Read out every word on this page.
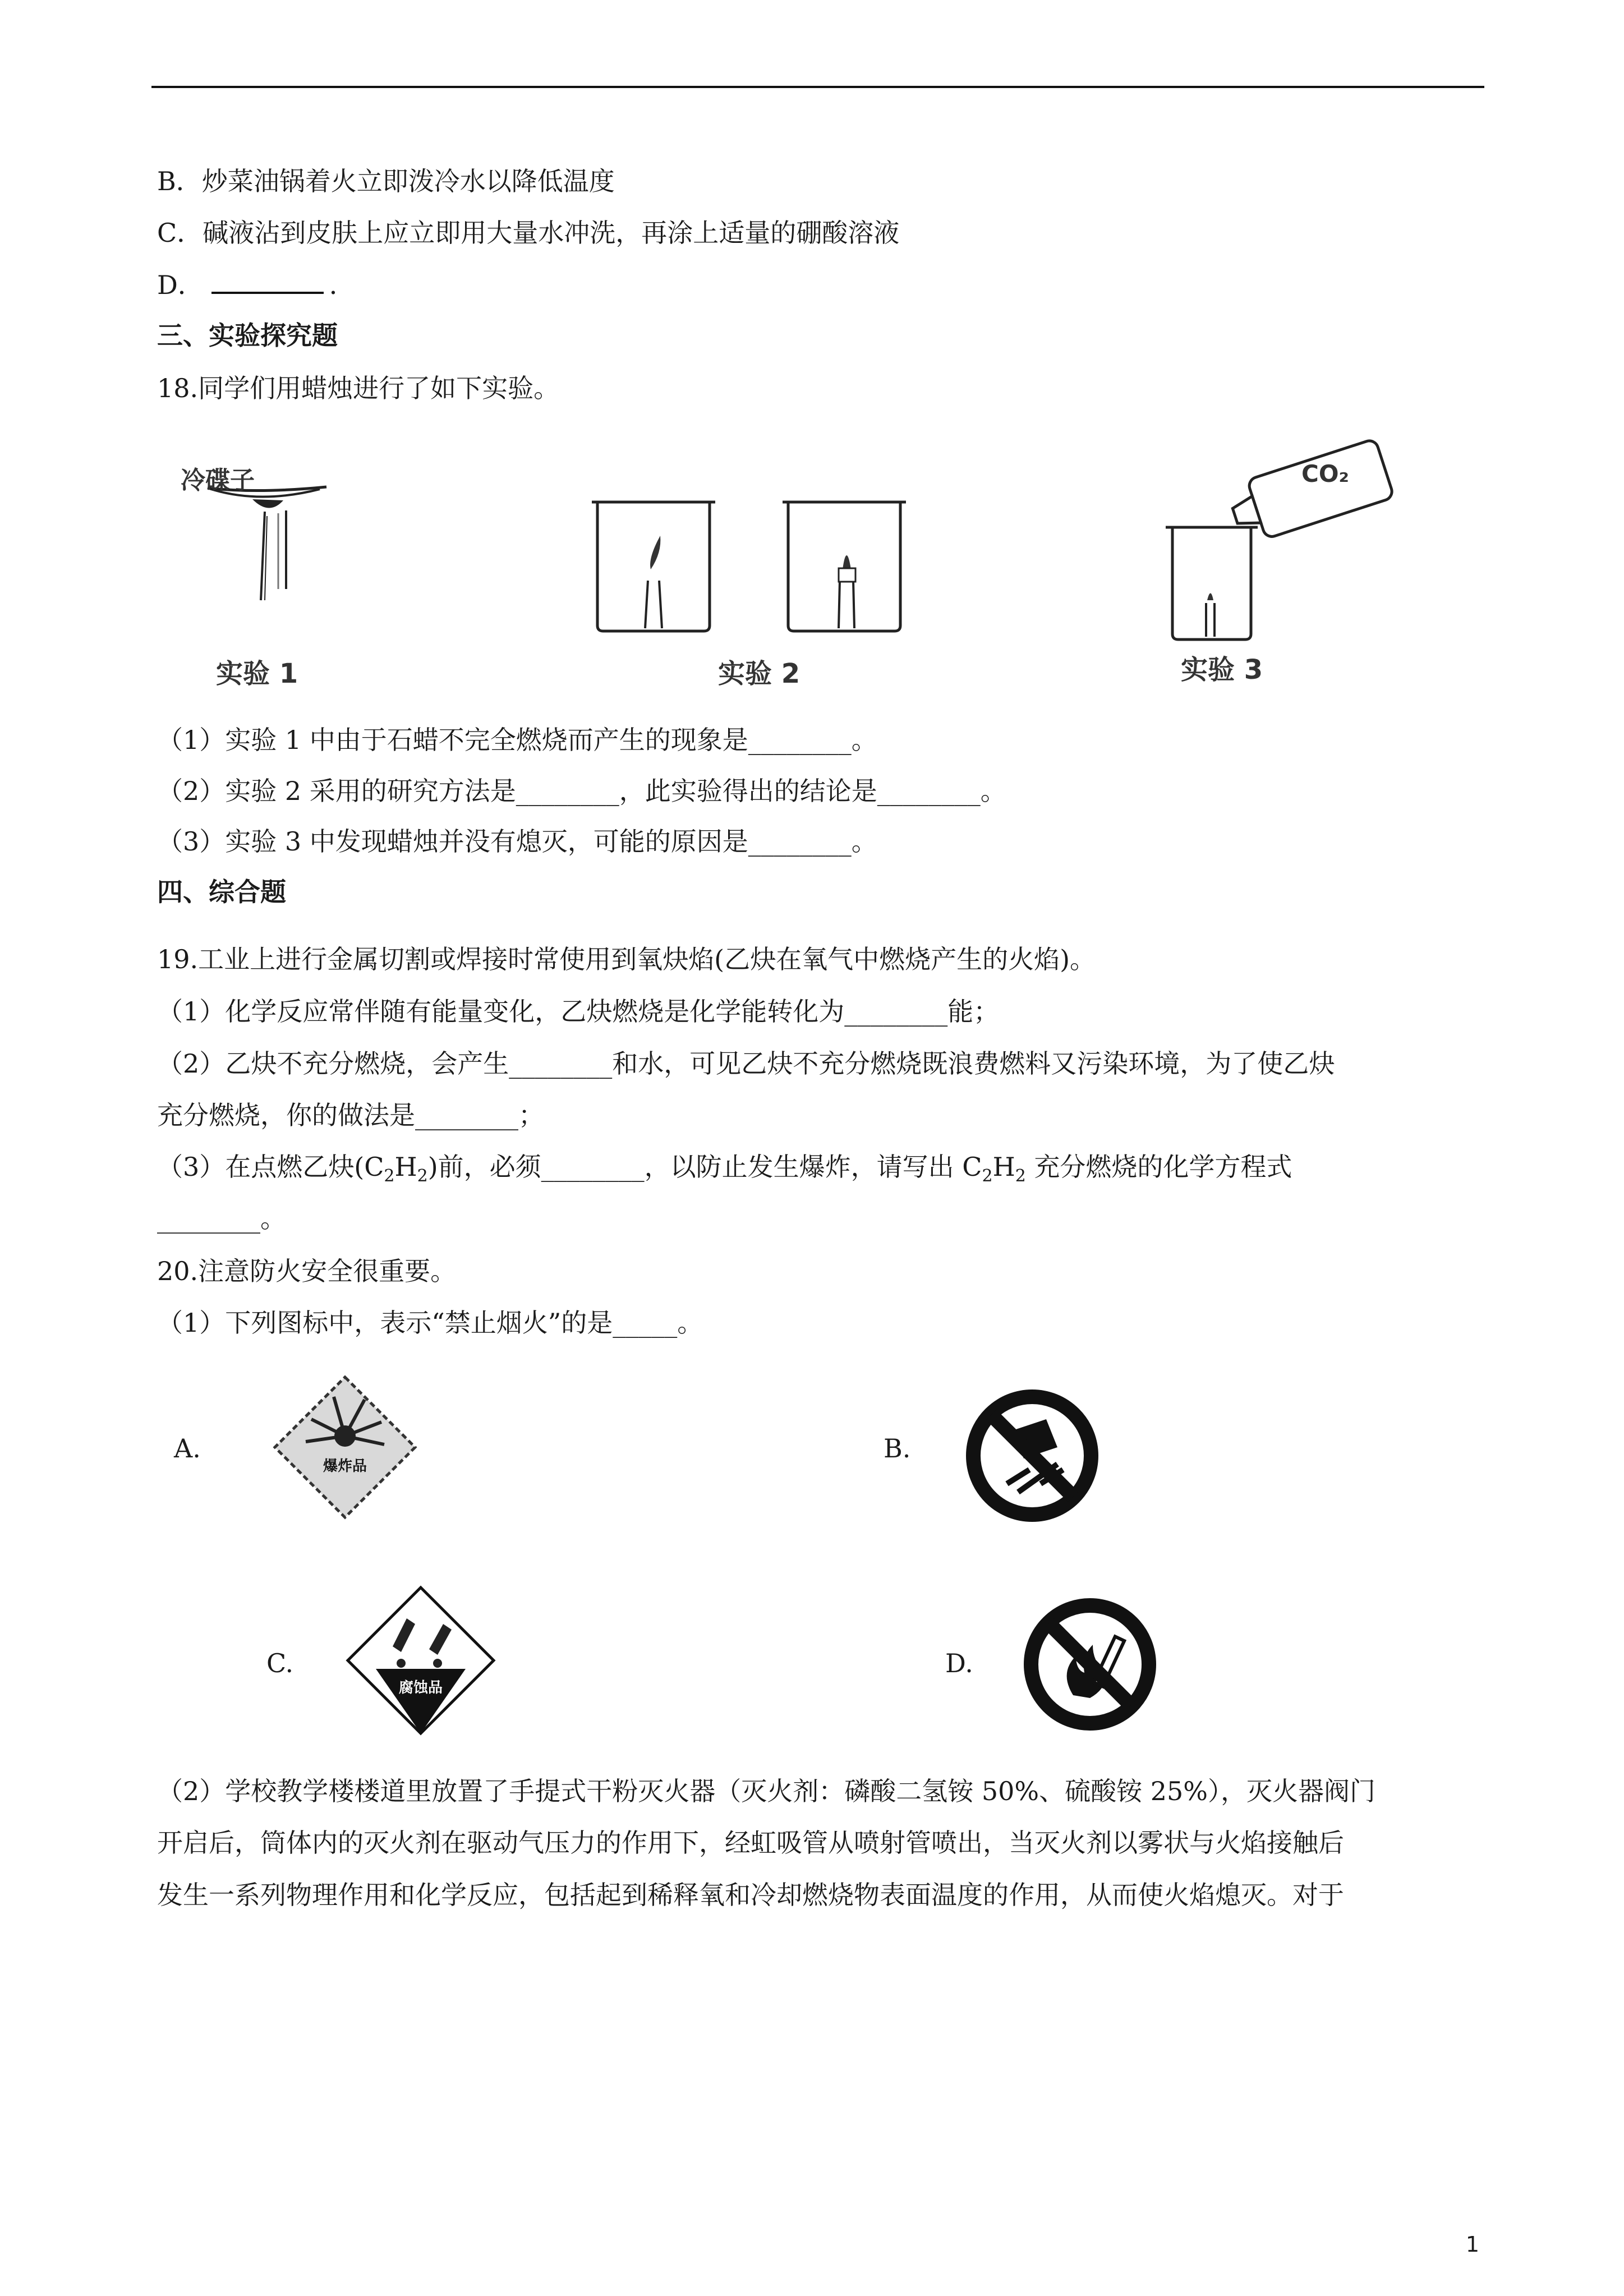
B．炒菜油锅着火立即泼冷水以降低温度
C．碱液沾到皮肤上应立即用大量水冲洗，再涂上适量的硼酸溶液
D．	．
三、实验探究题
18.同学们用蜡烛进行了如下实验。
冷碟子
实验 1	实验 2
CO₂
实验 3
（1）实验 1 中由于石蜡不完全燃烧而产生的现象是________。
（2）实验 2 采用的研究方法是________，此实验得出的结论是________。
（3）实验 3 中发现蜡烛并没有熄灭，可能的原因是________。
四、综合题
19.工业上进行金属切割或焊接时常使用到氧炔焰(乙炔在氧气中燃烧产生的火焰)。
（1）化学反应常伴随有能量变化，乙炔燃烧是化学能转化为________能；
（2）乙炔不充分燃烧，会产生________和水，可见乙炔不充分燃烧既浪费燃料又污染环境，为了使乙炔
充分燃烧，你的做法是________；
（3）在点燃乙炔$(C_2H_2)$前，必须________，以防止发生爆炸，请写出 $C_2H_2$ 充分燃烧的化学方程式
________。
20.注意防火安全很重要。
（1）下列图标中，表示“禁止烟火”的是_____。
A.
爆炸品
B.
C.
腐蚀品
D.
（2）学校教学楼楼道里放置了手提式干粉灭火器（灭火剂：磷酸二氢铵 50%、硫酸铵 25%），灭火器阀门
开启后，筒体内的灭火剂在驱动气压力的作用下，经虹吸管从喷射管喷出，当灭火剂以雾状与火焰接触后
发生一系列物理作用和化学反应，包括起到稀释氧和冷却燃烧物表面温度的作用，从而使火焰熄灭。对于
1
